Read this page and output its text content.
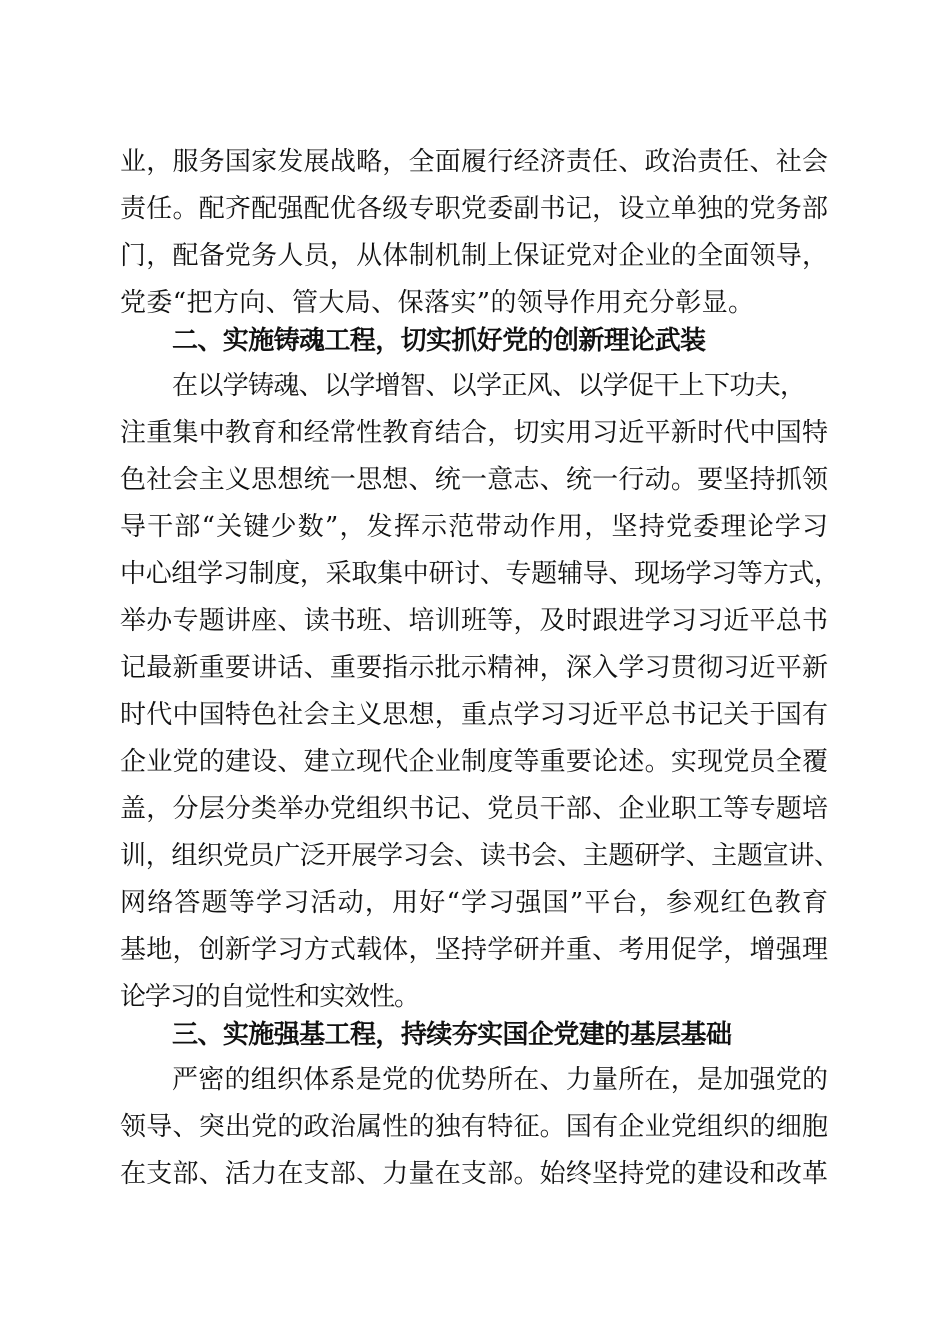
业，服务国家发展战略，全面履行经济责任、政治责任、社会
责任。配齐配强配优各级专职党委副书记，设立单独的党务部
门，配备党务人员，从体制机制上保证党对企业的全面领导，
党委“把方向、管大局、保落实”的领导作用充分彰显。
二、实施铸魂工程，切实抓好党的创新理论武装
在以学铸魂、以学增智、以学正风、以学促干上下功夫，
注重集中教育和经常性教育结合，切实用习近平新时代中国特
色社会主义思想统一思想、统一意志、统一行动。要坚持抓领
导干部“关键少数”，发挥示范带动作用，坚持党委理论学习
中心组学习制度，采取集中研讨、专题辅导、现场学习等方式，
举办专题讲座、读书班、培训班等，及时跟进学习习近平总书
记最新重要讲话、重要指示批示精神，深入学习贯彻习近平新
时代中国特色社会主义思想，重点学习习近平总书记关于国有
企业党的建设、建立现代企业制度等重要论述。实现党员全覆
盖，分层分类举办党组织书记、党员干部、企业职工等专题培
训，组织党员广泛开展学习会、读书会、主题研学、主题宣讲、
网络答题等学习活动，用好“学习强国”平台，参观红色教育
基地，创新学习方式载体，坚持学研并重、考用促学，增强理
论学习的自觉性和实效性。
三、实施强基工程，持续夯实国企党建的基层基础
严密的组织体系是党的优势所在、力量所在，是加强党的
领导、突出党的政治属性的独有特征。国有企业党组织的细胞
在支部、活力在支部、力量在支部。始终坚持党的建设和改革
